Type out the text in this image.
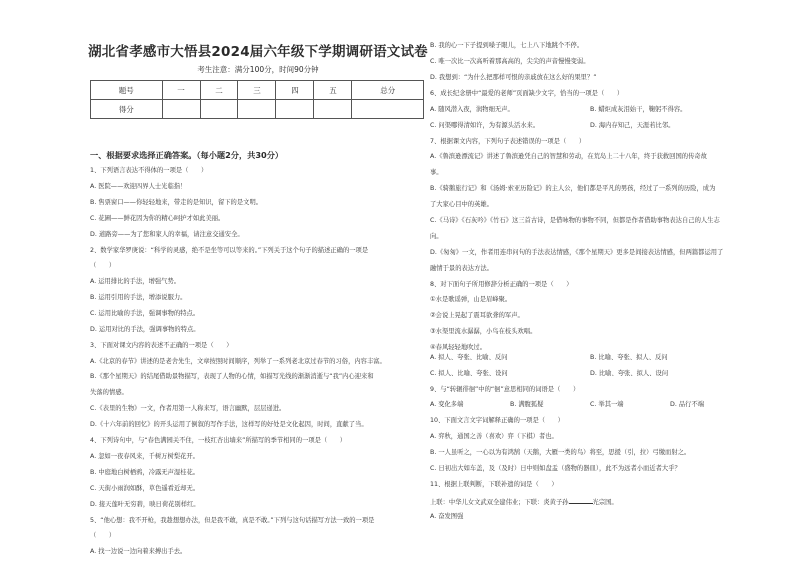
湖北省孝感市大悟县2024届六年级下学期调研语文试卷
考生注意：满分100分，时间90分钟
题号	一	二	三	四	五	总分
得分						
一、根据要求选择正确答案。（每小题2分，共30分）
1、下列语言表达不得体的一项是（　　）
A. 医院——欢迎四界人士光临指！
B. 售票窗口——你轻轻地来，带走的是知识，留下的是文明。
C. 花圃——鲜花因为你的精心呵护才如此美丽。
D. 道路旁——为了您和家人的幸福，请注意交通安全。
2、数学家华罗庚说：“科学的灵感，绝不是坐等可以等来的。”下列关于这个句子的描述正确的一项是
（　　）
A. 运用排比的手法，增强气势。
B. 运用引用的手法，增添说服力。
C. 运用比喻的手法，强调事物的特点。
D. 运用对比的手法，强调事物的特点。
3、下面对课文内容的表述不正确的一项是（　　）
A.《北京的春节》讲述的是老舍先生，文章按照时间顺序，列举了一系列老北京过春节的习俗，内容丰富。
B.《那个星期天》的结尾借助景物描写，表现了人物的心情，如描写光线的渐渐消逝与“我”内心迎来和
失落的情感。
C.《表里的生物》一文，作者用第一人称来写，语言幽默，层层递进。
D.《十六年前的回忆》的开头运用了倒叙的写作手法，这样写的好处是文化起因，时间，直献了当。
4、下列诗句中，与“春色满园关不住，一枝红杏出墙来”所描写的季节相同的一项是（　　）
A. 忽如一夜春风来，千树万树梨花开。
B. 中庭地白树栖鸦，冷露无声湿桂花。
C. 天街小雨润如酥，草色遥看近却无。
D. 接天莲叶无穷碧，映日荷花别样红。
5、“他心想：我不开枪，我趁想想办法，但是我不敢，真是不敢。”下列与这句话描写方法一致的一项是
（　　）
A. 找一边说一边向着来搏出手去。
B. 我的心一下子提到嗓子眼儿，七上八下地跳个不停。
C. 唯一次比一次高听着那高高的，尖尖的声音慢慢变弱。
D. 我想到：“为什么把那样可恨的亲戚放在这么好的果里？”
6、成长纪念册中“最爱的老师”页面缺少文字，恰当的一项是（　　）
A. 随风潜入夜，润物细无声。	B. 蜡炬成灰泪始干，鞠躬不得容。
C. 问渠哪得清如许，为有源头活水来。	D. 海内存知己，天涯若比邻。
7、根据课文内容，下列句子表述错误的一项是（　　）
A.《鲁滨逊漂流记》讲述了鲁滨逊凭自己的智慧和劳动，在荒岛上二十八年，终于获救回国的传奇故
事。
B.《骑鹅旅行记》和《汤姆·索亚历险记》的主人公，他们都是平凡的男孩，经过了一系列的历险，成为
了大家心目中的英雄。
C.《马诗》《石灰吟》《竹石》这三首古诗，是借咏物的事物不同，但都是作者借助事物表达自己的人生志
向。
D.《匆匆》一文，作者用连串问句的手法表达情感，《那个星期天》更多是间接表达情感，但两篇都运用了
融情于景的表达方法。
8、对下面句子所用修辞分析正确的一项是（　　）
①水是歌谣弹，山是眉峰聚。
②会说上晃起了震耳欲聋的军声。
③水渠里流水潺潺，小鸟在枝头欢唱。
④春风轻轻地吹过。
A. 拟人、夸张、比喻、反问	B. 比喻、夸张、拟人、反问
C. 拟人、比喻、夸张、设问	D. 比喻、夸张、拟人、设问
9、与“转辗徘徊”中的“徊”意思相同的词语是（　　）
A. 变化多端	B. 满腹狐疑	C. 举其一端	D. 品行不端
10、下面文言文字词解释正确的一项是（　　）
A. 弈秋，通国之善（喜欢）弈（下棋）者也。
B. 一人虽听之，一心以为有鸿鹄（天鹅，大雁一类的鸟）将至，思援（引，拉）弓缴而射之。
C. 日初出大如车盖，及（及时）日中则如盘盂（盛物的器皿），此不为远者小而近者大乎？
11、根据上联判断，下联补遗的词是（　　）
上联：中华儿女文武双全建伟业；下联：炎黄子孙	光宗国。
A. 奋发图强
